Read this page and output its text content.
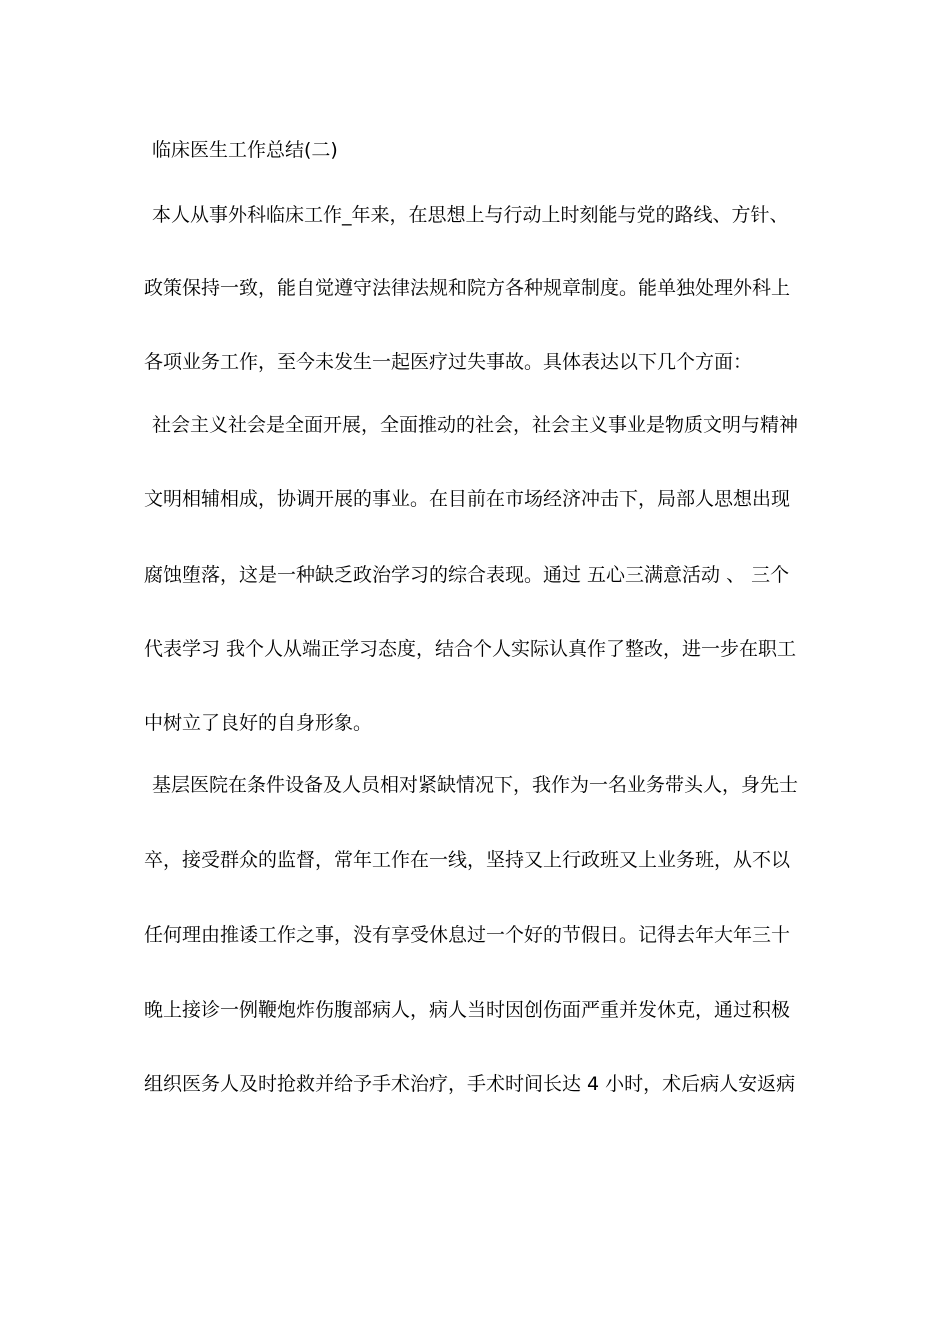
临床医生工作总结(二)
本人从事外科临床工作_年来，在思想上与行动上时刻能与党的路线、方针、
政策保持一致，能自觉遵守法律法规和院方各种规章制度。能单独处理外科上
各项业务工作，至今未发生一起医疗过失事故。具体表达以下几个方面：
社会主义社会是全面开展，全面推动的社会，社会主义事业是物质文明与精神
文明相辅相成，协调开展的事业。在目前在市场经济冲击下，局部人思想出现
腐蚀堕落，这是一种缺乏政治学习的综合表现。通过 五心三满意活动 、 三个
代表学习 我个人从端正学习态度，结合个人实际认真作了整改，进一步在职工
中树立了良好的自身形象。
基层医院在条件设备及人员相对紧缺情况下，我作为一名业务带头人，身先士
卒，接受群众的监督，常年工作在一线，坚持又上行政班又上业务班，从不以
任何理由推诿工作之事，没有享受休息过一个好的节假日。记得去年大年三十
晚上接诊一例鞭炮炸伤腹部病人，病人当时因创伤面严重并发休克，通过积极
组织医务人及时抢救并给予手术治疗，手术时间长达 4 小时，术后病人安返病
